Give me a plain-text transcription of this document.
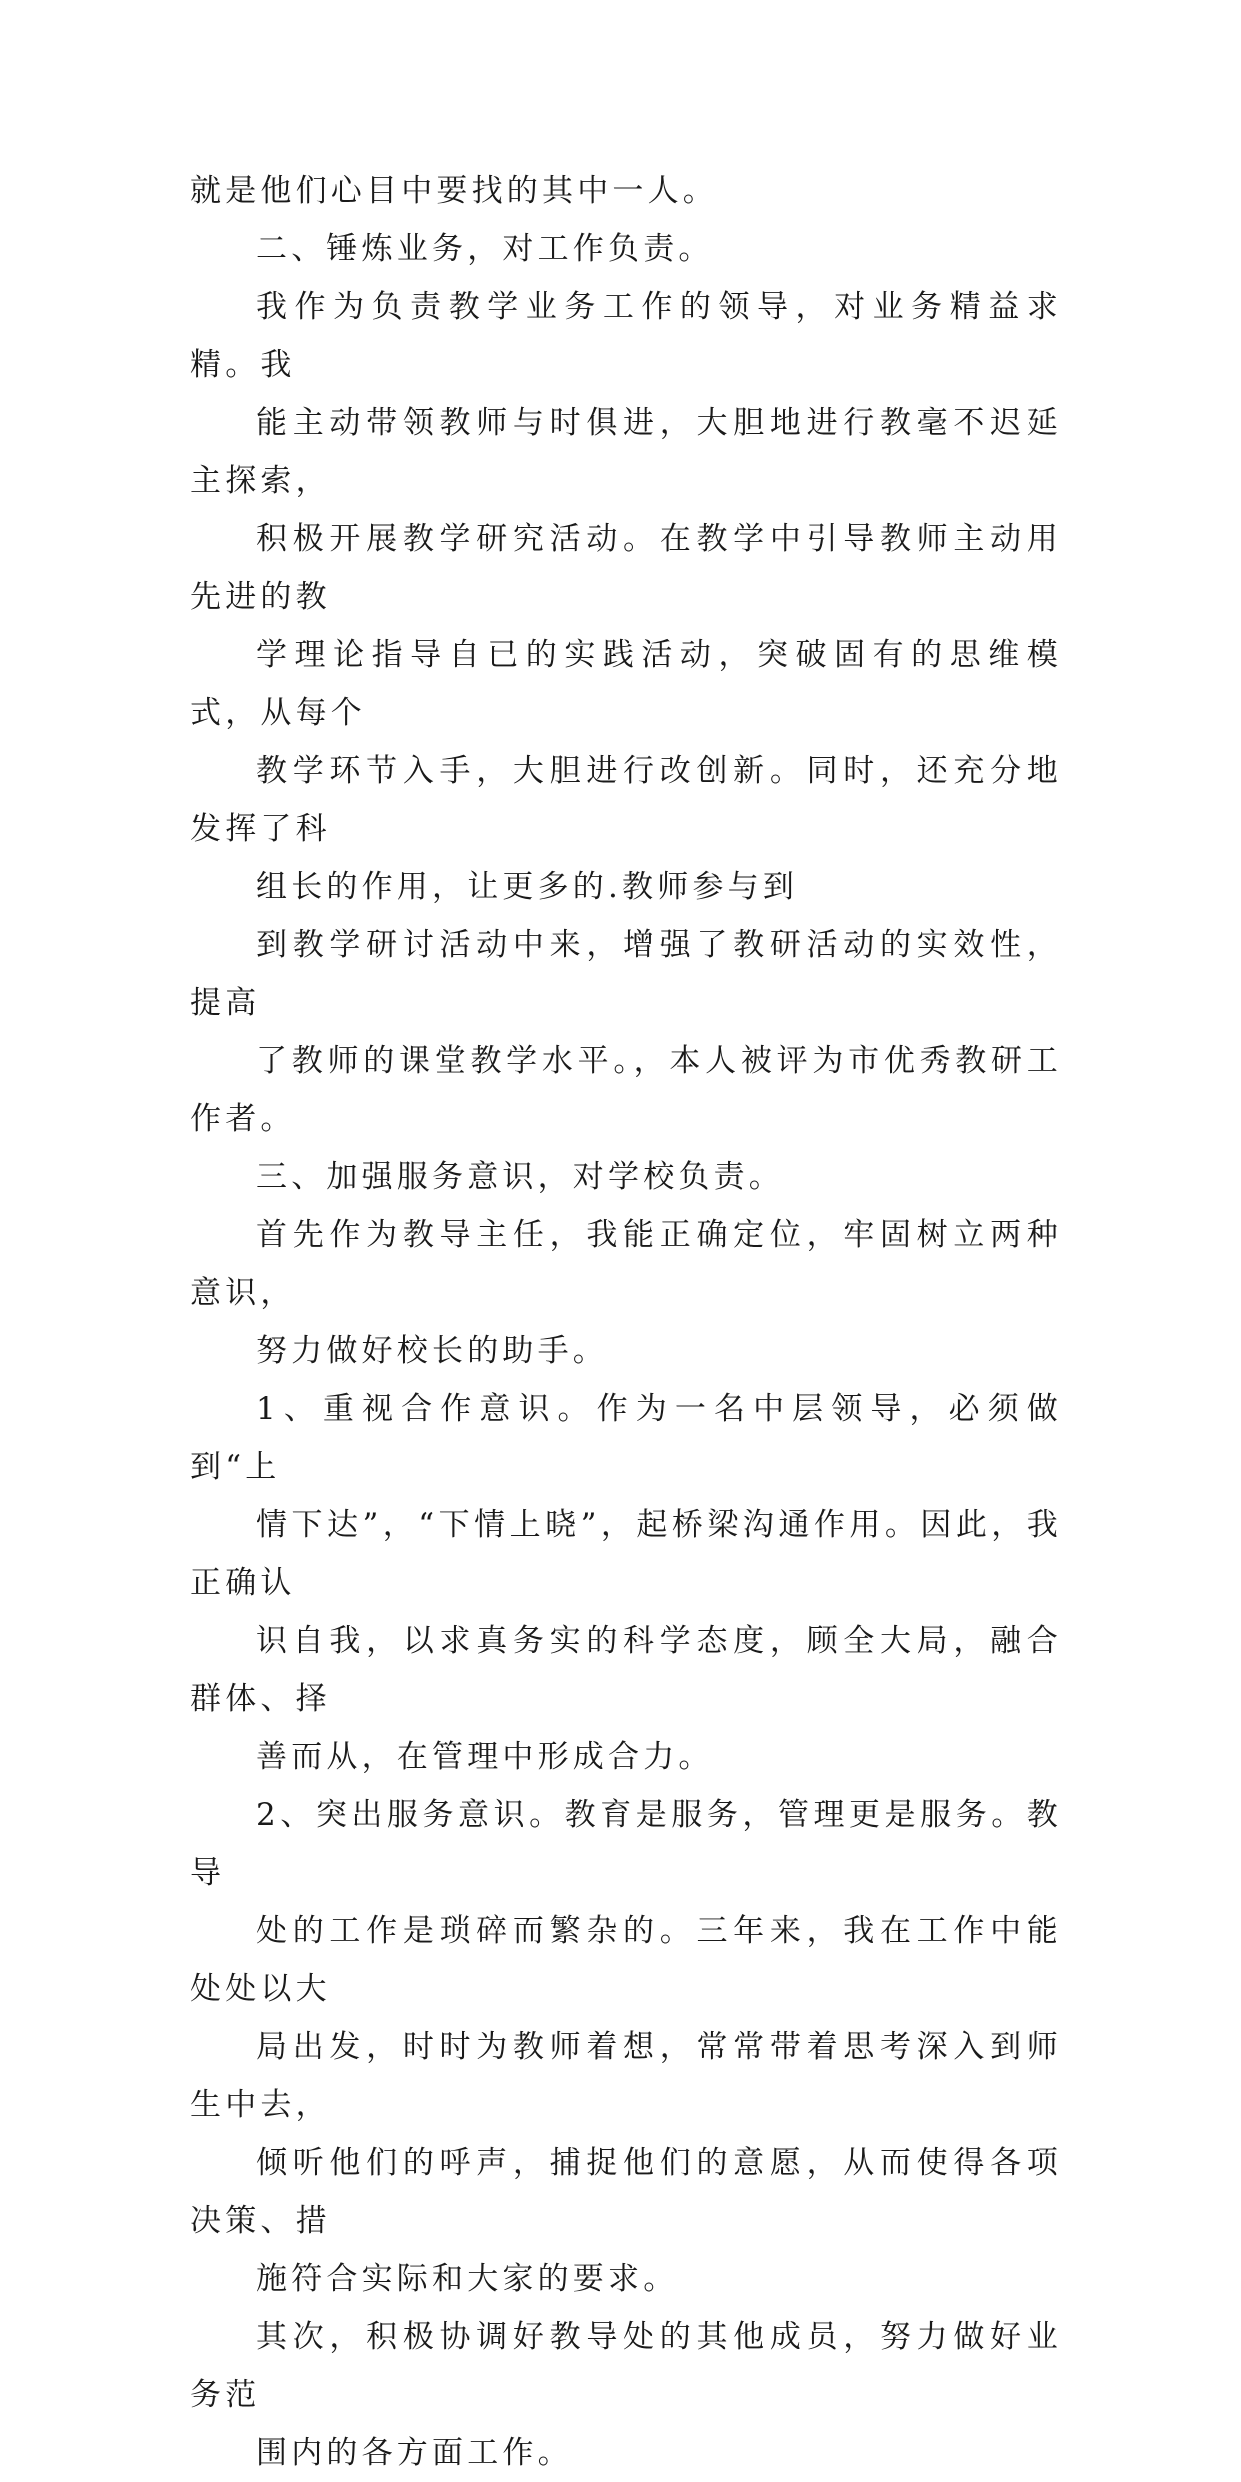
就是他们心目中要找的其中一人。

二、锤炼业务，对工作负责。

我作为负责教学业务工作的领导，对业务精益求精。我
能主动带领教师与时俱进，大胆地进行教毫不迟延主探索，
积极开展教学研究活动。在教学中引导教师主动用先进的教
学理论指导自已的实践活动，突破固有的思维模式，从每个
教学环节入手，大胆进行改创新。同时，还充分地发挥了科
组长的作用，让更多的.教师参与到

到教学研讨活动中来，增强了教研活动的实效性，提高
了教师的课堂教学水平。，本人被评为市优秀教研工作者。

三、加强服务意识，对学校负责。

首先作为教导主任，我能正确定位，牢固树立两种意识，
努力做好校长的助手。

1、重视合作意识。作为一名中层领导，必须做到“上
情下达”，“下情上晓”，起桥梁沟通作用。因此，我正确认
识自我，以求真务实的科学态度，顾全大局，融合群体、择
善而从，在管理中形成合力。

2、突出服务意识。教育是服务，管理更是服务。教导
处的工作是琐碎而繁杂的。三年来，我在工作中能处处以大
局出发，时时为教师着想，常常带着思考深入到师生中去，
倾听他们的呼声，捕捉他们的意愿，从而使得各项决策、措
施符合实际和大家的要求。

其次，积极协调好教导处的其他成员，努力做好业务范
围内的各方面工作。
